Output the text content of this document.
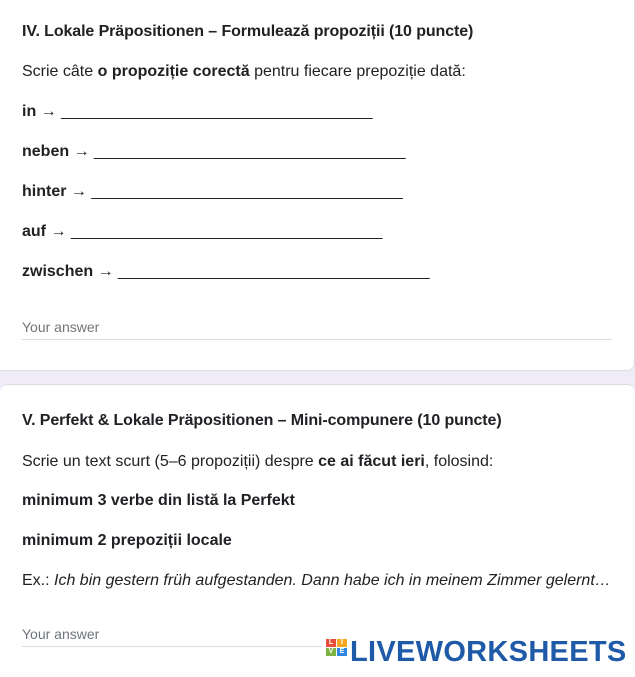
IV. Lokale Präpositionen – Formulează propoziții (10 puncte)
Scrie câte o propoziție corectă pentru fiecare prepoziție dată:
in → ___________________________________
neben → ___________________________________
hinter → ___________________________________
auf → ___________________________________
zwischen → ___________________________________
Your answer
V. Perfekt & Lokale Präpositionen – Mini-compunere (10 puncte)
Scrie un text scurt (5–6 propoziții) despre ce ai făcut ieri, folosind:
minimum 3 verbe din listă la Perfekt
minimum 2 prepoziții locale
Ex.: Ich bin gestern früh aufgestanden. Dann habe ich in meinem Zimmer gelernt…
Your answer
L	I
V E LIVEWORKSHEETS
